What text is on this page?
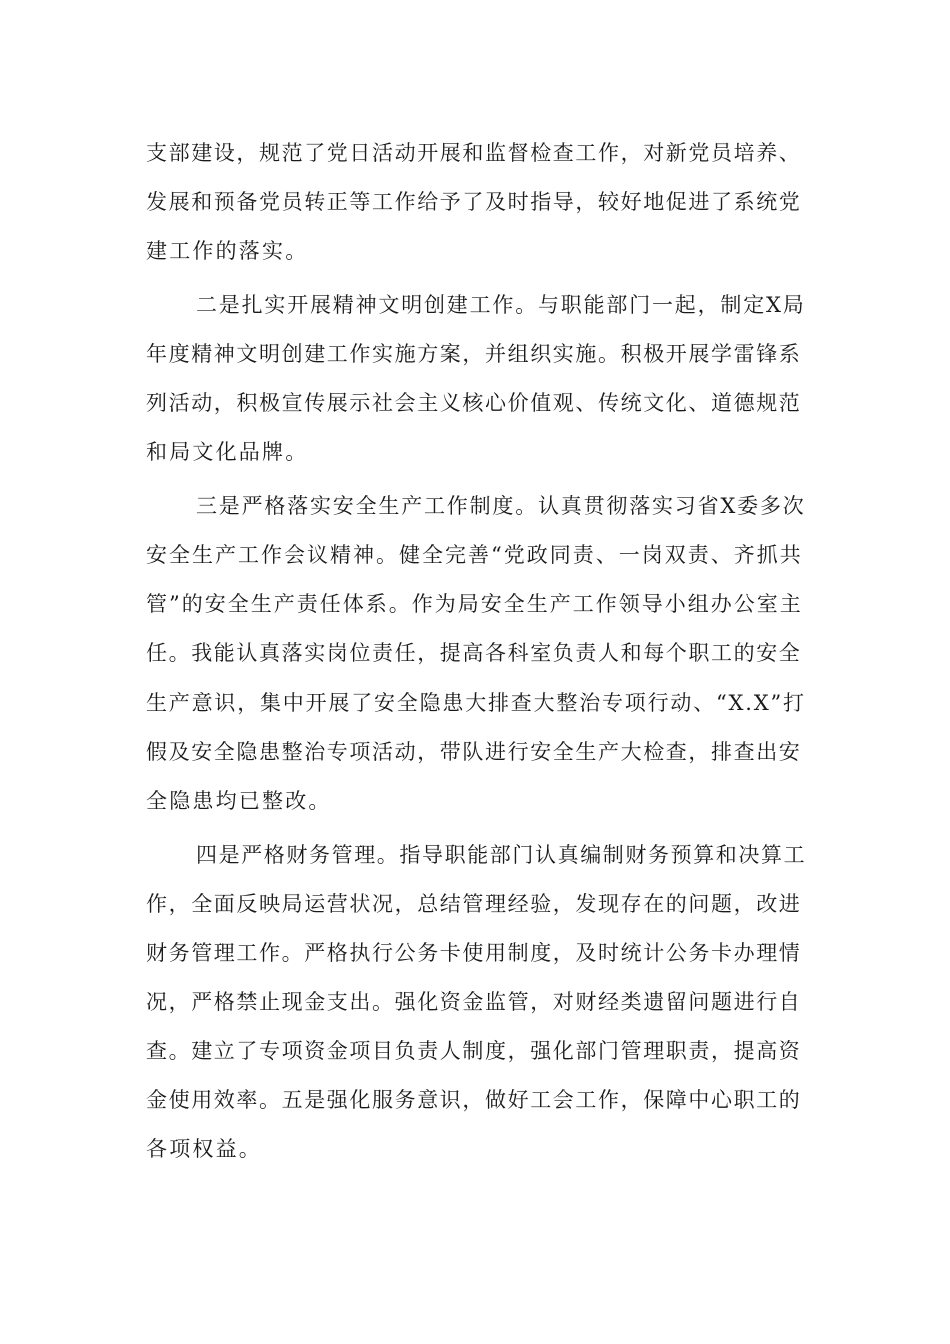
支部建设，规范了党日活动开展和监督检查工作，对新党员培养、
发展和预备党员转正等工作给予了及时指导，较好地促进了系统党
建工作的落实。
二是扎实开展精神文明创建工作。与职能部门一起，制定X局
年度精神文明创建工作实施方案，并组织实施。积极开展学雷锋系
列活动，积极宣传展示社会主义核心价值观、传统文化、道德规范
和局文化品牌。
三是严格落实安全生产工作制度。认真贯彻落实习省X委多次
安全生产工作会议精神。健全完善“党政同责、一岗双责、齐抓共
管”的安全生产责任体系。作为局安全生产工作领导小组办公室主
任。我能认真落实岗位责任，提高各科室负责人和每个职工的安全
生产意识，集中开展了安全隐患大排查大整治专项行动、“X.X”打
假及安全隐患整治专项活动，带队进行安全生产大检查，排查出安
全隐患均已整改。
四是严格财务管理。指导职能部门认真编制财务预算和决算工
作，全面反映局运营状况，总结管理经验，发现存在的问题，改进
财务管理工作。严格执行公务卡使用制度，及时统计公务卡办理情
况，严格禁止现金支出。强化资金监管，对财经类遗留问题进行自
查。建立了专项资金项目负责人制度，强化部门管理职责，提高资
金使用效率。五是强化服务意识，做好工会工作，保障中心职工的
各项权益。
